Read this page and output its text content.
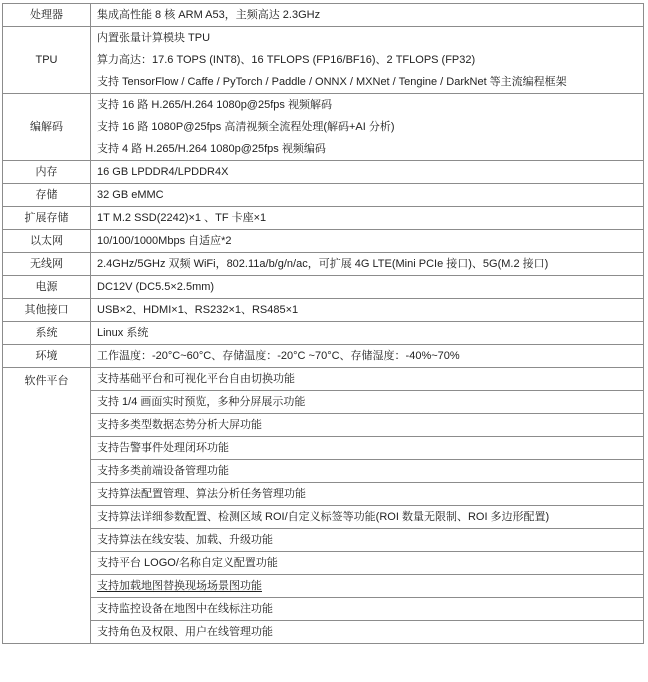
处理器	集成高性能 8 核 ARM A53，主频高达 2.3GHz
TPU	内置张量计算模块 TPU
	算力高达：17.6 TOPS (INT8)、16 TFLOPS (FP16/BF16)、2 TFLOPS (FP32)
	支持 TensorFlow / Caffe / PyTorch / Paddle / ONNX / MXNet / Tengine / DarkNet 等主流编程框架
编解码	支持 16 路 H.265/H.264 1080p@25fps 视频解码
	支持 16 路 1080P@25fps 高清视频全流程处理(解码+AI 分析)
	支持 4 路 H.265/H.264 1080p@25fps 视频编码
内存	16 GB LPDDR4/LPDDR4X
存储	32 GB eMMC
扩展存储	1T M.2 SSD(2242)×1 、TF 卡座×1
以太网	10/100/1000Mbps 自适应*2
无线网	2.4GHz/5GHz 双频 WiFi，802.11a/b/g/n/ac，可扩展 4G LTE(Mini PCIe 接口)、5G(M.2 接口)
电源	DC12V (DC5.5×2.5mm)
其他接口	USB×2、HDMI×1、RS232×1、RS485×1
系统	Linux 系统
环境	工作温度：-20°C~60°C、存储温度：-20°C ~70°C、存储湿度：-40%~70%
软件平台	支持基础平台和可视化平台自由切换功能
	支持 1/4 画面实时预览，多种分屏展示功能
	支持多类型数据态势分析大屏功能
	支持告警事件处理闭环功能
	支持多类前端设备管理功能
	支持算法配置管理、算法分析任务管理功能
	支持算法详细参数配置、检测区域 ROI/自定义标签等功能(ROI 数量无限制、ROI 多边形配置)
	支持算法在线安装、加载、升级功能
	支持平台 LOGO/名称自定义配置功能
	支持加载地图替换现场场景图功能
	支持监控设备在地图中在线标注功能
	支持角色及权限、用户在线管理功能
